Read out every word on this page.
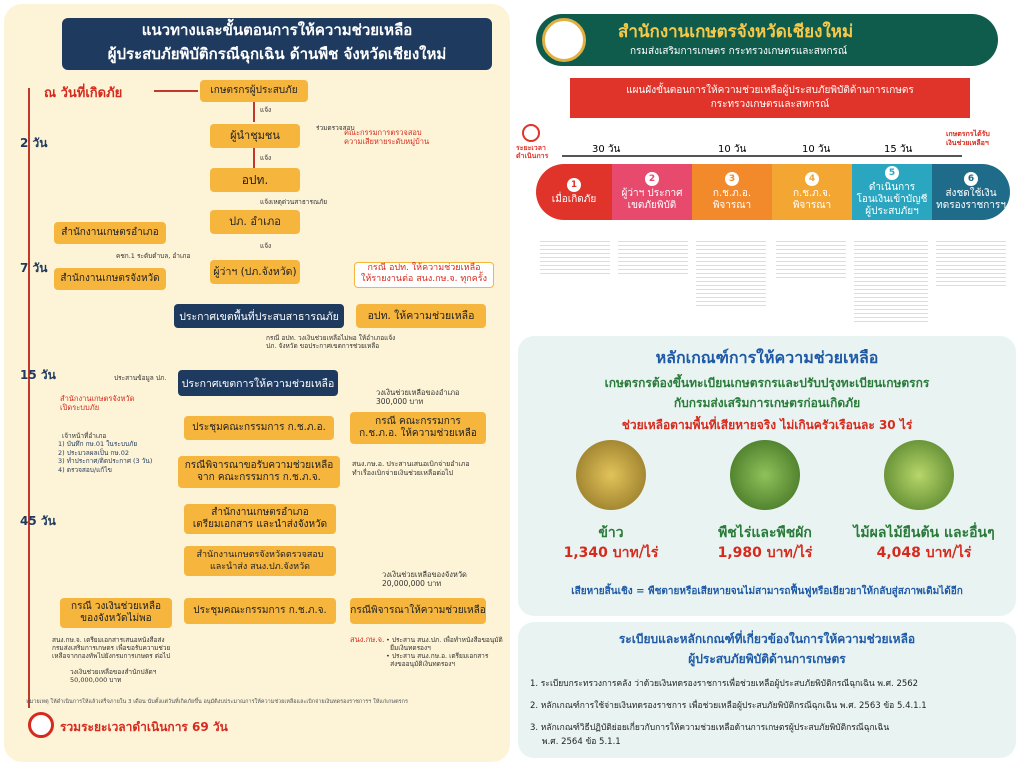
แนวทางและขั้นตอนการให้ความช่วยเหลือ
ผู้ประสบภัยพิบัติกรณีฉุกเฉิน ด้านพืช จังหวัดเชียงใหม่
2 วัน
7 วัน
15 วัน
45 วัน
ณ วันที่เกิดภัย	เกษตรกรผู้ประสบภัย
แจ้ง
ผู้นำชุมชน
ร่วมตรวจสอบ
คณะกรรมการตรวจสอบ
ความเสียหายระดับหมู่บ้าน
แจ้ง
อปท.
แจ้งเหตุด่วนสาธารณภัย
สำนักงานเกษตรอำเภอ
คชก.1 ระดับตำบล, อำเภอ
สำนักงานเกษตรจังหวัด
ปภ. อำเภอ
แจ้ง
ผู้ว่าฯ (ปภ.จังหวัด)	กรณี อปท. ให้ความช่วยเหลือ
ให้รายงานต่อ สนง.กษ.จ. ทุกครั้ง
ประกาศเขตพื้นที่ประสบสาธารณภัย	อปท. ให้ความช่วยเหลือ
กรณี อปท. วงเงินช่วยเหลือไม่พอ ให้อำเภอแจ้ง
ปภ. จังหวัด ขอประกาศเขตการช่วยเหลือ
ประสานข้อมูล ปภ.	ประกาศเขตการให้ความช่วยเหลือ
สำนักงานเกษตรจังหวัด
เปิดระบบภัย
วงเงินช่วยเหลือของอำเภอ
300,000 บาท
เจ้าหน้าที่อำเภอ
1) บันทึก กษ.01 ในระบบภัย
2) ประมวลผลเป็น กษ.02
3) ทำประกาศ/ติดประกาศ (3 วัน)
4) ตรวจสอบ/แก้ไข
ประชุมคณะกรรมการ ก.ช.ภ.อ.
กรณี คณะกรรมการ
ก.ช.ภ.อ. ให้ความช่วยเหลือ
กรณีพิจารณาขอรับความช่วยเหลือ
จาก คณะกรรมการ ก.ช.ภ.จ.
สนง.กษ.อ. ประสานเสนอเบิกจ่ายอำเภอ
ทำเรื่องเบิกจ่ายเงินช่วยเหลือต่อไป
สำนักงานเกษตรอำเภอ
เตรียมเอกสาร และนำส่งจังหวัด
สำนักงานเกษตรจังหวัดตรวจสอบ
และนำส่ง สนง.ปภ.จังหวัด
วงเงินช่วยเหลือของจังหวัด
20,000,000 บาท
กรณี วงเงินช่วยเหลือ
ของจังหวัดไม่พอ
ประชุมคณะกรรมการ ก.ช.ภ.จ.	กรณีพิจารณาให้ความช่วยเหลือ
สนง.กษ.จ. เตรียมเอกสารเสนอหนังสือส่ง
กรมส่งเสริมการเกษตร เพื่อขอรับความช่วย
เหลือจากกองทัพไปยังกรมการเกษตร ต่อไป
วงเงินช่วยเหลือของสำนักปลัดฯ
50,000,000 บาท
สนง.กษ.จ. • ประสาน สนง.ปภ. เพื่อทำหนังสือขอนุมัติ
ยืมเงินทดรองฯ
• ประสาน สนง.กษ.อ. เตรียมเอกสาร
ส่งขออนุมัติเงินทดรองฯ
หมายเหตุ ให้ดำเนินการให้แล้วเสร็จภายใน 3 เดือน นับตั้งแต่วันที่เกิดภัยขึ้น อนุมัติงบประมาณการให้ความช่วยเหลือและเบิกจ่ายเงินทดรองราชการฯ ให้แก่เกษตรกร
รวมระยะเวลาดำเนินการ 69 วัน
สำนักงานเกษตรจังหวัดเชียงใหม่
กรมส่งเสริมการเกษตร กระทรวงเกษตรและสหกรณ์
แผนผังขั้นตอนการให้ความช่วยเหลือผู้ประสบภัยพิบัติด้านการเกษตร
กระทรวงเกษตรและสหกรณ์
ระยะเวลา
ดำเนินการ
30 วัน	10 วัน	10 วัน	15 วัน
เกษตรกรได้รับ
เงินช่วยเหลือฯ
1
เมื่อเกิดภัย
2
ผู้ว่าฯ ประกาศ
เขตภัยพิบัติ
3
ก.ช.ภ.อ.
พิจารณา
4
ก.ช.ภ.จ.
พิจารณา
5
ดำเนินการ
โอนเงินเข้าบัญชี
ผู้ประสบภัยฯ
6
ส่งชดใช้เงิน
ทดรองราชการฯ
หลักเกณฑ์การให้ความช่วยเหลือ
เกษตรกรต้องขึ้นทะเบียนเกษตรกรและปรับปรุงทะเบียนเกษตรกร
กับกรมส่งเสริมการเกษตรก่อนเกิดภัย
ช่วยเหลือตามพื้นที่เสียหายจริง ไม่เกินครัวเรือนละ 30 ไร่
ข้าว
1,340 บาท/ไร่
พืชไร่และพืชผัก
1,980 บาท/ไร่
ไม้ผลไม้ยืนต้น และอื่นๆ
4,048 บาท/ไร่
เสียหายสิ้นเชิง = พืชตายหรือเสียหายจนไม่สามารถฟื้นฟูหรือเยียวยาให้กลับสู่สภาพเดิมได้อีก
ระเบียบและหลักเกณฑ์ที่เกี่ยวข้องในการให้ความช่วยเหลือ
ผู้ประสบภัยพิบัติด้านการเกษตร
1. ระเบียบกระทรวงการคลัง ว่าด้วยเงินทดรองราชการเพื่อช่วยเหลือผู้ประสบภัยพิบัติกรณีฉุกเฉิน พ.ศ. 2562
2. หลักเกณฑ์การใช้จ่ายเงินทดรองราชการ เพื่อช่วยเหลือผู้ประสบภัยพิบัติกรณีฉุกเฉิน พ.ศ. 2563 ข้อ 5.4.1.1
3. หลักเกณฑ์วิธีปฏิบัติย่อยเกี่ยวกับการให้ความช่วยเหลือด้านการเกษตรผู้ประสบภัยพิบัติกรณีฉุกเฉิน
พ.ศ. 2564 ข้อ 5.1.1
